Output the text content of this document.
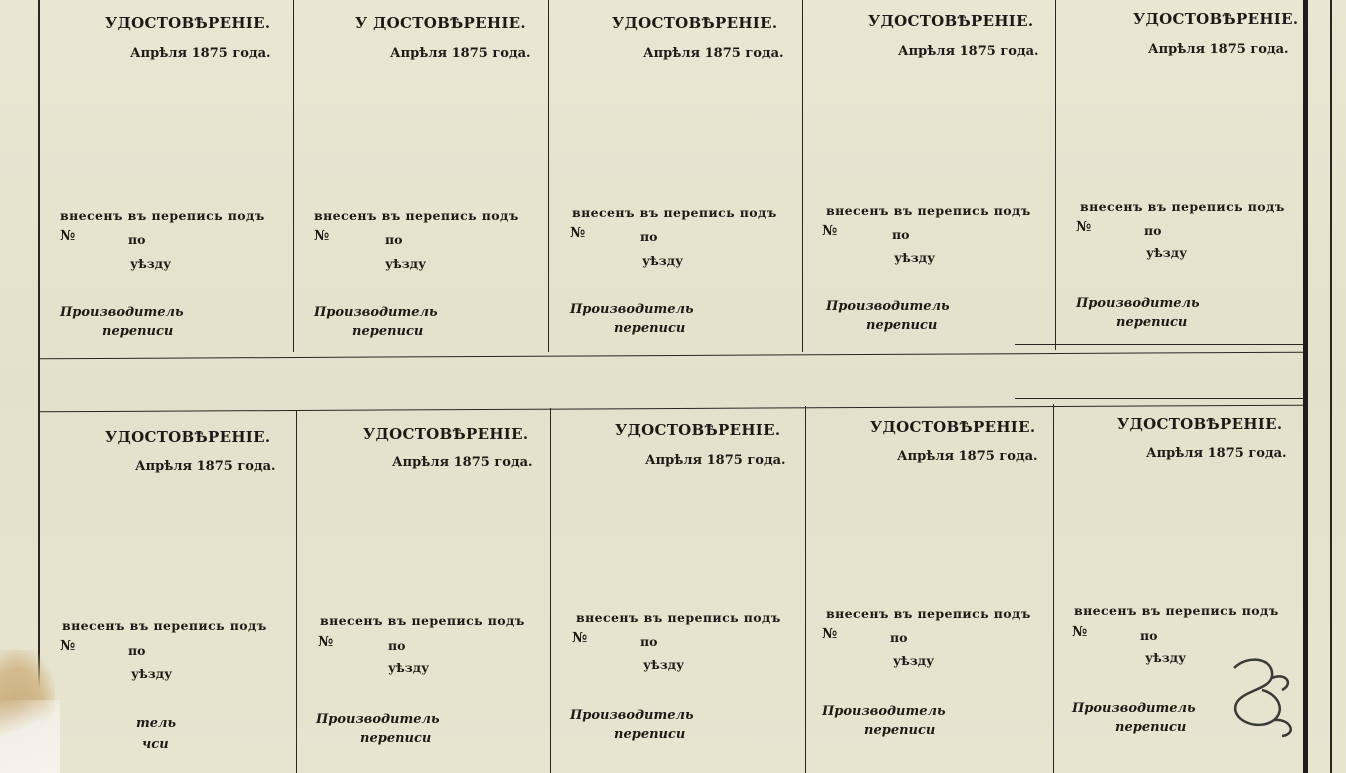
УДОСТОВѢРЕНІЕ.
Апрѣля 1875 года.
внесенъ въ перепись подъ
№	по
уѣзду
Производитель
переписи
У ДОСТОВѢРЕНІЕ.
Апрѣля 1875 года.
внесенъ въ перепись подъ
№	по
уѣзду
Производитель
переписи
УДОСТОВѢРЕНІЕ.
Апрѣля 1875 года.
внесенъ въ перепись подъ
№	по
уѣзду
Производитель
переписи
УДОСТОВѢРЕНІЕ.
Апрѣля 1875 года.
внесенъ въ перепись подъ
№	по
уѣзду
Производитель
переписи
УДОСТОВѢРЕНІЕ.
Апрѣля 1875 года.
внесенъ въ перепись подъ
№	по
уѣзду
Производитель
переписи
УДОСТОВѢРЕНІЕ.
Апрѣля 1875 года.
внесенъ въ перепись подъ
№	по
уѣзду
тель
чси
УДОСТОВѢРЕНІЕ.
Апрѣля 1875 года.
внесенъ въ перепись подъ
№	по
уѣзду
Производитель
переписи
УДОСТОВѢРЕНІЕ.
Апрѣля 1875 года.
внесенъ въ перепись подъ
№	по
уѣзду
Производитель
переписи
УДОСТОВѢРЕНІЕ.
Апрѣля 1875 года.
внесенъ въ перепись подъ
№	по
уѣзду
Производитель
переписи
УДОСТОВѢРЕНІЕ.
Апрѣля 1875 года.
внесенъ въ перепись подъ
№	по
уѣзду
Производитель
переписи
83
